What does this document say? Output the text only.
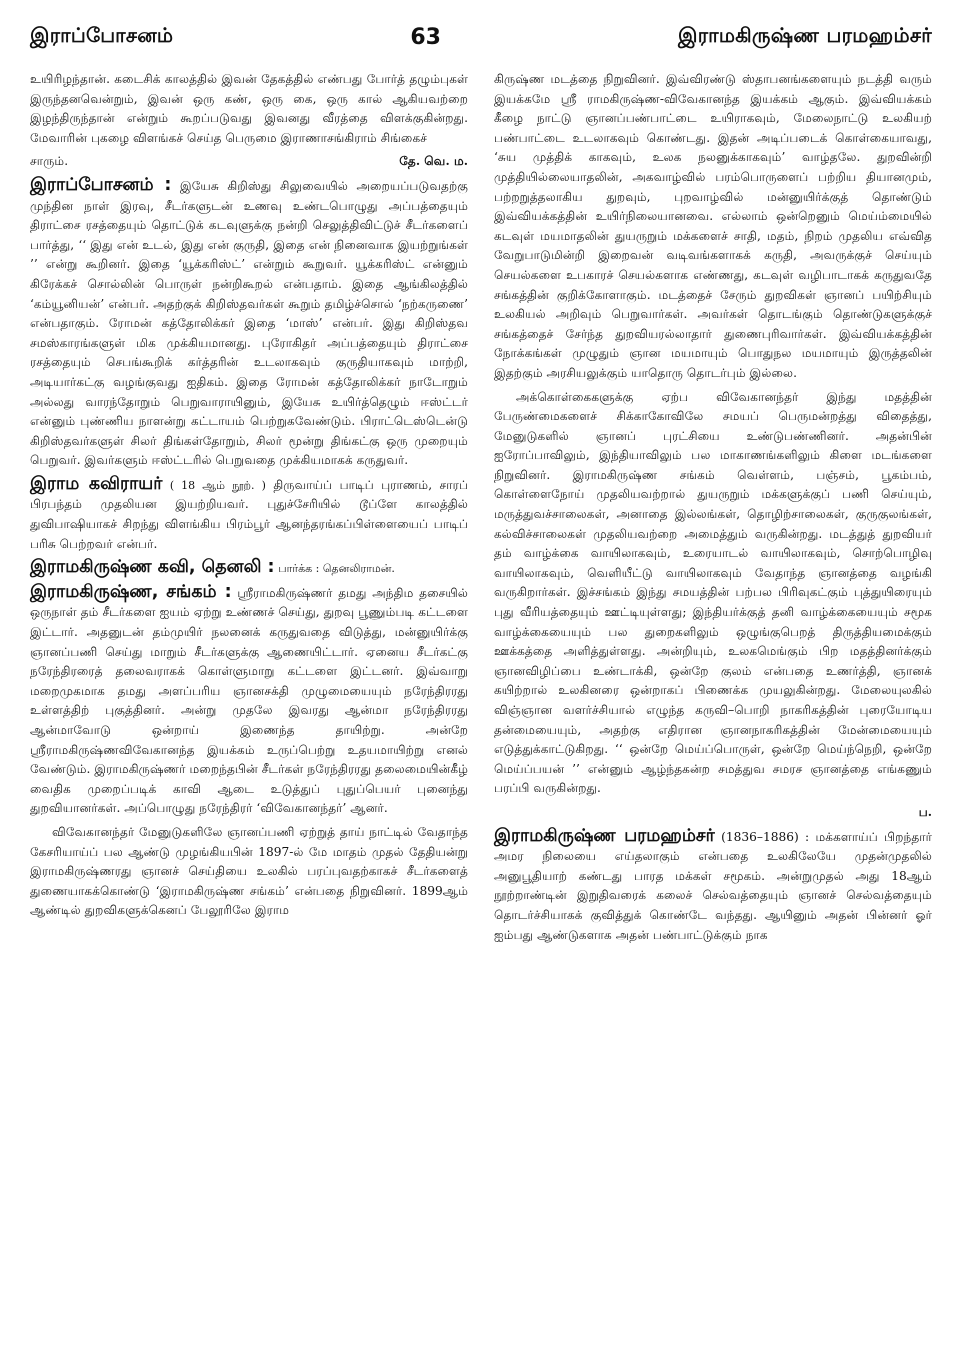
இராப்போசனம்	63	இராமகிருஷ்ண பரமஹம்சர்

உயிரிழந்தான். கடைசிக் காலத்தில் இவன் தேகத்தில் எண்பது போர்த் தழும்புகள் இருந்தனவென்றும், இவன் ஒரு கண், ஒரு கை, ஒரு கால் ஆகியவற்றை இழந்திருந்தான் என்றும் கூறப்படுவது இவனது வீரத்தை விளக்குகின்றது. மேவாரின் புகழை விளங்கச் செய்த பெருமை இராணாசங்கிராம் சிங்கைச்

சாரும்.	தே. வெ. ம.

இராப்போசனம் : இயேசு கிறிஸ்து சிலுவையில் அறையப்படுவதற்கு முந்தின நாள் இரவு, சீடர்களுடன் உணவு உண்டபொழுது அப்பத்தையும் திராட்சை ரசத்தையும் தொட்டுக் கடவுளுக்கு நன்றி செலுத்திவிட்டுச் சீடர்களைப் பார்த்து, ‘‘ இது என் உடல், இது என் குருதி, இதை என் நினைவாக இயற்றுங்கள் ’’ என்று கூறினர். இதை ‘யூக்கரிஸ்ட்’ என்றும் கூறுவர். யூக்கரிஸ்ட் என்னும் கிரேக்கச் சொல்லின் பொருள் நன்றிகூறல் என்பதாம். இதை ஆங்கிலத்தில் ‘கம்யூனியன்’ என்பர். அதற்குக் கிறிஸ்தவர்கள் கூறும் தமிழ்ச்சொல் ‘நற்கருணை’ என்பதாகும். ரோமன் கத்தோலிக்கர் இதை ‘மாஸ்’ என்பர். இது கிறிஸ்தவ சமஸ்காரங்களுள் மிக முக்கியமானது. புரோகிதர் அப்பத்தையும் திராட்சை ரசத்தையும் செபங்கூறிக் கர்த்தரின் உடலாகவும் குருதியாகவும் மாற்றி, அடியார்கட்கு வழங்குவது ஐதிகம். இதை ரோமன் கத்தோலிக்கர் நாடோறும் அல்லது வாரந்தோறும் பெறுவாராயினும், இயேசு உயிர்த்தெழும் ஈஸ்ட்டர் என்னும் புண்ணிய நாளன்று கட்டாயம் பெற்றுகவேண்டும். பிராட்டெஸ்டென்டு கிறிஸ்தவர்களுள் சிலர் திங்கள்தோறும், சிலர் மூன்று திங்கட்கு ஒரு முறையும் பெறுவர். இவர்களும் ஈஸ்ட்டரில் பெறுவதை முக்கியமாகக் கருதுவர்.

இராம கவிராயர் ( 18 ஆம் நூற். ) திருவாய்ப் பாடிப் புராணம், சாரப் பிரபந்தம் முதலியன இயற்றியவர். புதுச்சேரியில் டூப்ளே காலத்தில் துவிபாஷியாகச் சிறந்து விளங்கிய பிரம்பூர் ஆனந்தரங்கப்பிள்ளையைப் பாடிப் பரிசு பெற்றவர் என்பர்.

இராமகிருஷ்ண கவி, தெனலி : பார்க்க : தெனலிராமன்.

இராமகிருஷ்ண, சங்கம் : ஸ்ரீராமகிருஷ்ணர் தமது அந்திம தசையில் ஒருநாள் தம் சீடர்களை ஐயம் ஏற்று உண்ணச் செய்து, துறவு பூணும்படி கட்டளை இட்டார். அதனுடன் தம்முயிர் நலனைக் கருதுவதை விடுத்து, மன்னுயிர்க்கு ஞானப்பணி செய்து மாறும் சீடர்களுக்கு ஆணையிட்டார். ஏனைய சீடர்கட்கு நரேந்திரரைத் தலைவராகக் கொள்ளுமாறு கட்டளை இட்டனர். இவ்வாறு மறைமுகமாக தமது அளப்பரிய ஞானசக்தி முழுமையையும் நரேந்திரரது உள்ளத்திற் புகுத்தினர். அன்று முதலே இவரது ஆன்மா நரேந்திரரது ஆன்மாவோடு ஒன்றாய் இணைந்த தாயிற்று. அன்றே ஸ்ரீராமகிருஷ்ணவிவேகானந்த இயக்கம் உருப்பெற்று உதயமாயிற்று எனல் வேண்டும். இராமகிருஷ்ணர் மறைந்தபின் சீடர்கள் நரேந்திரரது தலைமையின்கீழ் வைதிக முறைப்படிக் காவி ஆடை உடுத்துப் புதுப்பெயர் புனைந்து துறவியானர்கள். அப்பொழுது நரேந்திரர் ‘விவேகானந்தர்’ ஆனர்.

விவேகானந்தர் மேனுடுகளிலே ஞானப்பணி ஏற்றுத் தாய் நாட்டில் வேதாந்த கேசரியாய்ப் பல ஆண்டு முழங்கியபின் 1897-ல் மே மாதம் முதல் தேதியன்று இராமகிருஷ்ணரது ஞானச் செய்தியை உலகில் பரப்புவதற்காகச் சீடர்களைத் துணையாகக்கொண்டு ‘இராமகிருஷ்ண சங்கம்’ என்பதை நிறுவினர். 1899ஆம் ஆண்டில் துறவிகளுக்கெனப் பேலூரிலே இராம

கிருஷ்ண மடத்தை நிறுவினர். இவ்விரண்டு ஸ்தாபனங்களையும் நடத்தி வரும் இயக்கமே ஸ்ரீ ராமகிருஷ்ண-விவேகானந்த இயக்கம் ஆகும். இவ்வியக்கம் கீழை நாட்டு ஞானப்பண்பாட்டை உயிராகவும், மேலைநாட்டு உலகியற் பண்பாட்டை உடலாகவும் கொண்டது. இதன் அடிப்படைக் கொள்கையாவது, ‘சுய முத்திக் காகவும், உலக நலனுக்காகவும்’ வாழ்தலே. துறவின்றி முத்தியில்லையாதலின், அகவாழ்வில் பரம்பொருளைப் பற்றிய தியானமும், பற்றறுத்தலாகிய துறவும், புறவாழ்வில் மன்னுயிர்க்குத் தொண்டும் இவ்வியக்கத்தின் உயிர்நிலையானவை. எல்லாம் ஒன்றெனும் மெய்ம்மையில் கடவுள் மயமாதலின் துயருறும் மக்களைச் சாதி, மதம், நிறம் முதலிய எவ்வித வேறுபாடுமின்றி இறைவன் வடிவங்களாகக் கருதி, அவருக்குச் செய்யும் செயல்களை உபகாரச் செயல்களாக எண்ணது, கடவுள் வழிபாடாகக் கருதுவதே சங்கத்தின் குறிக்கோளாகும். மடத்தைச் சேரும் துறவிகள் ஞானப் பயிற்சியும் உலகியல் அறிவும் பெறுவார்கள். அவர்கள் தொடங்கும் தொண்டுகளுக்குச் சங்கத்தைச் சேர்ந்த துறவியரல்லாதார் துணைபுரிவார்கள். இவ்வியக்கத்தின் நோக்கங்கள் முழுதும் ஞான மயமாயும் பொதுநல மயமாயும் இருத்தலின் இதற்கும் அரசியலுக்கும் யாதொரு தொடர்பும் இல்லை.

அக்கொள்கைகளுக்கு ஏற்ப விவேகானந்தர் இந்து மதத்தின் பேருண்மைகளைச் சிக்காகோவிலே சமயப் பெருமன்றத்து விதைத்து, மேனுடுகளில் ஞானப் புரட்சியை உண்டுபண்ணினர். அதன்பின் ஐரோப்பாவிலும், இந்தியாவிலும் பல மாகாணங்களிலும் கிளை மடங்களை நிறுவினர். இராமகிருஷ்ண சங்கம் வெள்ளம், பஞ்சம், பூகம்பம், கொள்ளைநோய் முதலியவற்றால் துயருறும் மக்களுக்குப் பணி செய்யும், மருத்துவச்சாலைகள், அனாதை இல்லங்கள், தொழிற்சாலைகள், குருகுலங்கள், கல்விச்சாலைகள் முதலியவற்றை அமைத்தும் வருகின்றது. மடத்துத் துறவியர் தம் வாழ்க்கை வாயிலாகவும், உரையாடல் வாயிலாகவும், சொற்பொழிவு வாயிலாகவும், வெளியீட்டு வாயிலாகவும் வேதாந்த ஞானத்தை வழங்கி வருகிறார்கள். இச்சங்கம் இந்து சமயத்தின் பற்பல பிரிவுகட்கும் புத்துயிரையும் புது வீரியத்தையும் ஊட்டியுள்ளது; இந்தியர்க்குத் தனி வாழ்க்கையையும் சமூக வாழ்க்கையையும் பல துறைகளிலும் ஒழுங்குபெறத் திருத்தியமைக்கும் ஊக்கத்தை அளித்துள்ளது. அன்றியும், உலகமெங்கும் பிற மதத்தினர்க்கும் ஞானவிழிப்பை உண்டாக்கி, ஒன்றே குலம் என்பதை உணர்த்தி, ஞானக் கயிற்றால் உலகினரை ஒன்றாகப் பிணைக்க முயலுகின்றது. மேலையுலகில் விஞ்ஞான வளர்ச்சியால் எழுந்த கருவி–பொறி நாகரிகத்தின் புரையோடிய தன்மையையும், அதற்கு எதிரான ஞானநாகரிகத்தின் மேன்மையையும் எடுத்துக்காட்டுகிறது. ‘‘ ஒன்றே மெய்ப்பொருள், ஒன்றே மெய்ந்நெறி, ஒன்றே மெய்ப்பயன் ’’ என்னும் ஆழ்ந்தகன்ற சமத்துவ சமரச ஞானத்தை எங்கணும் பரப்பி வருகின்றது.

ப.

இராமகிருஷ்ண பரமஹம்சர் (1836–1886) : மக்களாய்ப் பிறந்தார் அமர நிலையை எய்தலாகும் என்பதை உலகிலேயே முதன்முதலில் அனுபூதியாற் கண்டது பாரத மக்கள் சமூகம். அன்றுமுதல் அது 18ஆம் நூற்றாண்டின் இறுதிவரைக் கலைச் செல்வத்தையும் ஞானச் செல்வத்தையும் தொடர்ச்சியாகக் குவித்துக் கொண்டே வந்தது. ஆயினும் அதன் பின்னர் ஓர் ஐம்பது ஆண்டுகளாக அதன் பண்பாட்டுக்கும் நாக
